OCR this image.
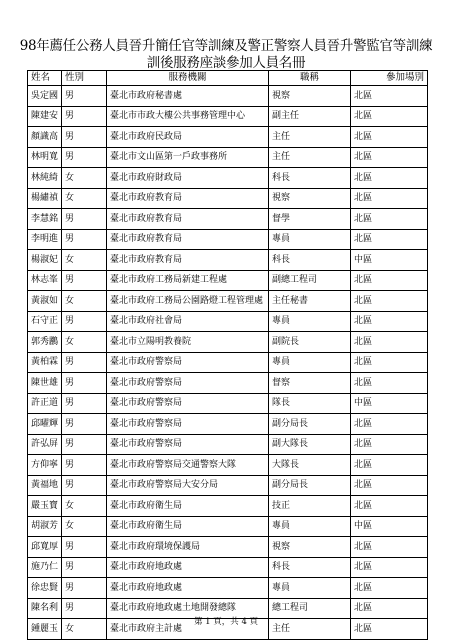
98年薦任公務人員晉升簡任官等訓練及警正警察人員晉升警監官等訓練
訓後服務座談參加人員名冊
姓名	性別	服務機關	職稱	參加場別
吳定國	男	臺北市政府秘書處	視察	北區
陳建安	男	臺北市市政大樓公共事務管理中心	副主任	北區
顏識高	男	臺北市政府民政局	主任	北區
林明寬	男	臺北市文山區第一戶政事務所	主任	北區
林純綺	女	臺北市政府財政局	科長	北區
楊繡禎	女	臺北市政府教育局	視察	北區
李慧銘	男	臺北市政府教育局	督學	北區
李明進	男	臺北市政府教育局	專員	北區
楊淑妃	女	臺北市政府教育局	科長	中區
林志峯	男	臺北市政府工務局新建工程處	副總工程司	北區
黃淑如	女	臺北市政府工務局公園路燈工程管理處	主任秘書	北區
石守正	男	臺北市政府社會局	專員	北區
郭秀鸝	女	臺北市立陽明教養院	副院長	北區
黃柏霖	男	臺北市政府警察局	專員	北區
陳世雄	男	臺北市政府警察局	督察	北區
許正道	男	臺北市政府警察局	隊長	中區
邱曜輝	男	臺北市政府警察局	副分局長	北區
許弘屏	男	臺北市政府警察局	副大隊長	北區
方仰寧	男	臺北市政府警察局交通警察大隊	大隊長	北區
黃福地	男	臺北市政府警察局大安分局	副分局長	北區
嚴玉寶	女	臺北市政府衛生局	技正	北區
胡淑芳	女	臺北市政府衛生局	專員	中區
邱寬厚	男	臺北市政府環境保護局	視察	北區
施乃仁	男	臺北市政府地政處	科長	北區
徐忠賢	男	臺北市政府地政處	專員	北區
陳名利	男	臺北市政府地政處土地開發總隊	總工程司	北區
鍾麗玉	女	臺北市政府主計處	主任	北區
第 1 頁，共 4 頁
